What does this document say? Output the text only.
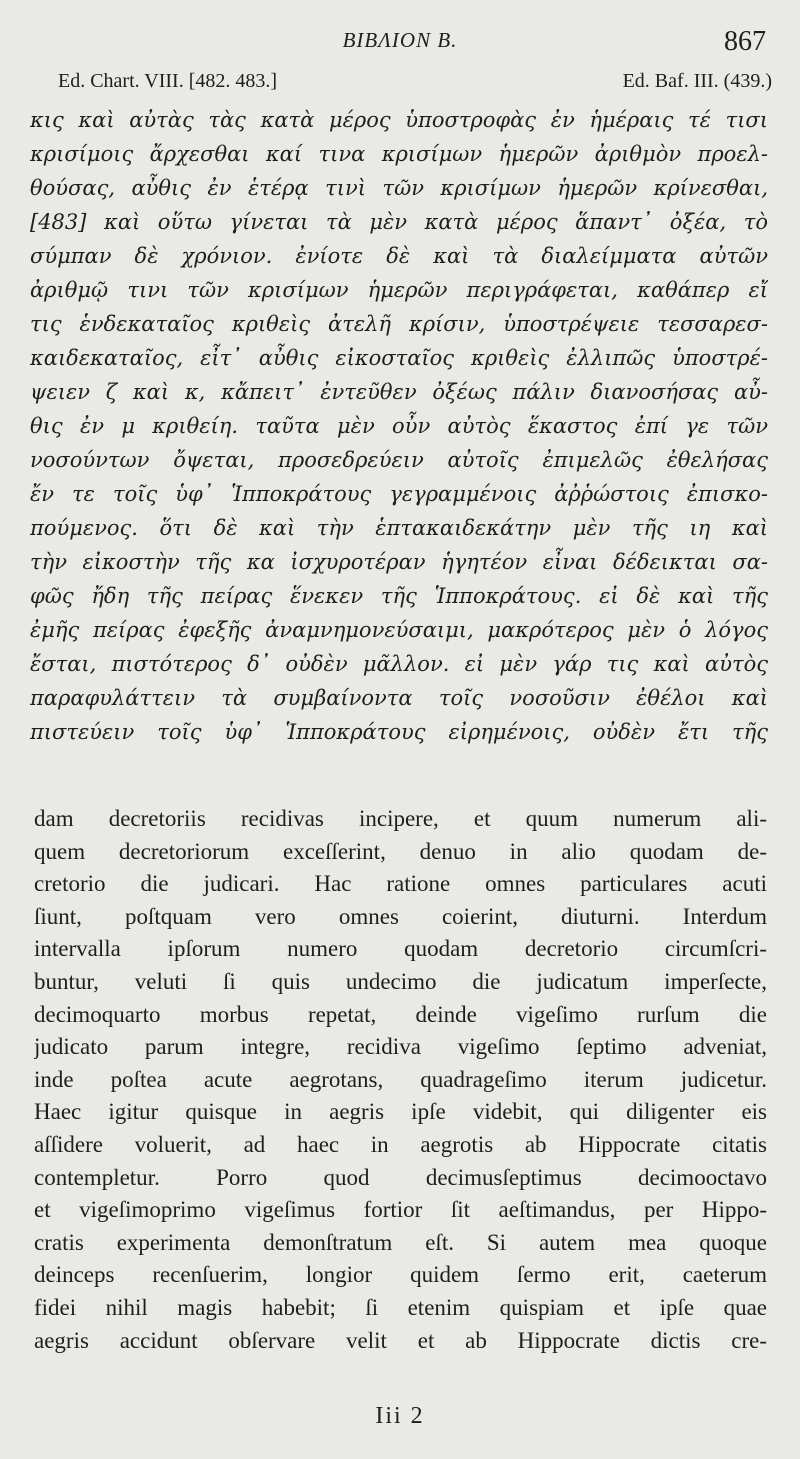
BIBΛΙΟΝ B.	867
Ed. Chart. VIII. [482. 483.]	Ed. Baf. III. (439.)
κις καὶ αὐτὰς τὰς κατὰ μέρος ὑποστροφὰς ἐν ἡμέραις τέ τισι
κρισίμοις ἄρχεσθαι καί τινα κρισίμων ἡμερῶν ἀριθμὸν προελ-
θούσας, αὖθις ἐν ἑτέρᾳ τινὶ τῶν κρισίμων ἡμερῶν κρίνεσθαι,
[483] καὶ οὕτω γίνεται τὰ μὲν κατὰ μέρος ἅπαντ᾽ ὀξέα, τὸ
σύμπαν δὲ χρόνιον. ἐνίοτε δὲ καὶ τὰ διαλείμματα αὐτῶν
ἀριθμῷ τινι τῶν κρισίμων ἡμερῶν περιγράφεται, καθάπερ εἴ
τις ἑνδεκαταῖος κριθεὶς ἀτελῆ κρίσιν, ὑποστρέψειε τεσσαρεσ-
καιδεκαταῖος, εἶτ᾽ αὖθις εἰκοσταῖος κριθεὶς ἐλλιπῶς ὑποστρέ-
ψειεν ζ καὶ κ, κἄπειτ᾽ ἐντεῦθεν ὀξέως πάλιν διανοσήσας αὖ-
θις ἐν μ κριθείη. ταῦτα μὲν οὖν αὐτὸς ἕκαστος ἐπί γε τῶν
νοσούντων ὄψεται, προσεδρεύειν αὐτοῖς ἐπιμελῶς ἐθελήσας
ἔν τε τοῖς ὑφ᾽ Ἱπποκράτους γεγραμμένοις ἀῤῥώστοις ἐπισκο-
πούμενος. ὅτι δὲ καὶ τὴν ἑπτακαιδεκάτην μὲν τῆς ιη καὶ
τὴν εἰκοστὴν τῆς κα ἰσχυροτέραν ἡγητέον εἶναι δέδεικται σα-
φῶς ἤδη τῆς πείρας ἕνεκεν τῆς Ἱπποκράτους. εἰ δὲ καὶ τῆς
ἐμῆς πείρας ἐφεξῆς ἀναμνημονεύσαιμι, μακρότερος μὲν ὁ λόγος
ἔσται, πιστότερος δ᾽ οὐδὲν μᾶλλον. εἰ μὲν γάρ τις καὶ αὐτὸς
παραφυλάττειν τὰ συμβαίνοντα τοῖς νοσοῦσιν ἐθέλοι καὶ
πιστεύειν τοῖς ὑφ᾽ Ἱπποκράτους εἰρημένοις, οὐδὲν ἔτι τῆς
dam decretoriis recidivas incipere, et quum numerum ali-
quem decretoriorum exceſſerint, denuo in alio quodam de-
cretorio die judicari. Hac ratione omnes particulares acuti
ſiunt, poſtquam vero omnes coierint, diuturni. Interdum
intervalla ipſorum numero quodam decretorio circumſcri-
buntur, veluti ſi quis undecimo die judicatum imperſecte,
decimoquarto morbus repetat, deinde vigeſimo rurſum die
judicato parum integre, recidiva vigeſimo ſeptimo adveniat,
inde poſtea acute aegrotans, quadrageſimo iterum judicetur.
Haec igitur quisque in aegris ipſe videbit, qui diligenter eis
aſſidere voluerit, ad haec in aegrotis ab Hippocrate citatis
contempletur. Porro quod decimusſeptimus decimooctavo
et vigeſimoprimo vigeſimus fortior ſit aeſtimandus, per Hippo-
cratis experimenta demonſtratum eſt. Si autem mea quoque
deinceps recenſuerim, longior quidem ſermo erit, caeterum
fidei nihil magis habebit; ſi etenim quispiam et ipſe quae
aegris accidunt obſervare velit et ab Hippocrate dictis cre-
Iii 2
